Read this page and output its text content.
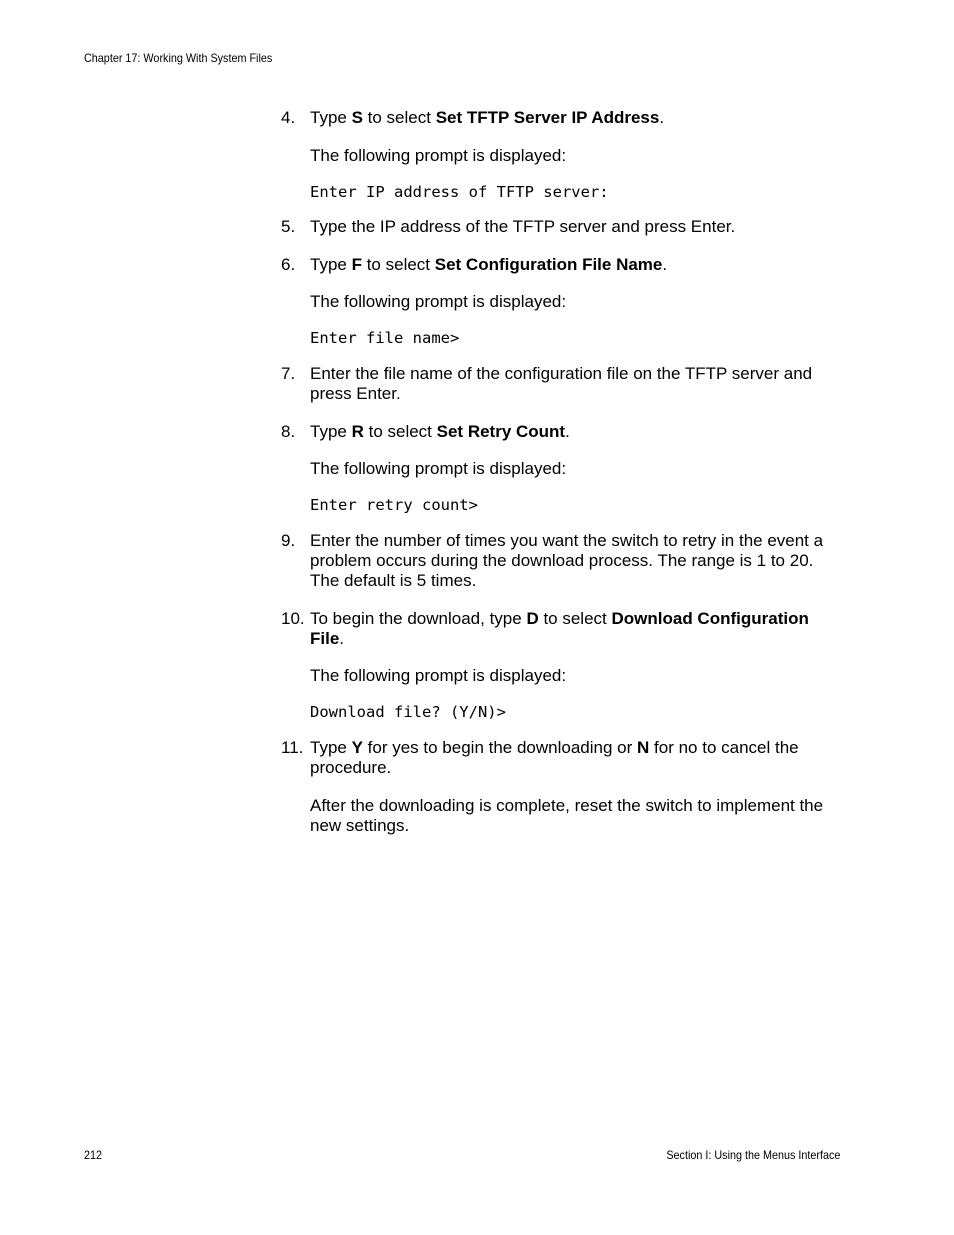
Chapter 17: Working With System Files
4. Type S to select Set TFTP Server IP Address.
The following prompt is displayed:
Enter IP address of TFTP server:
5. Type the IP address of the TFTP server and press Enter.
6. Type F to select Set Configuration File Name.
The following prompt is displayed:
Enter file name>
7. Enter the file name of the configuration file on the TFTP server and
press Enter.
8. Type R to select Set Retry Count.
The following prompt is displayed:
Enter retry count>
9. Enter the number of times you want the switch to retry in the event a
problem occurs during the download process. The range is 1 to 20.
The default is 5 times.
10. To begin the download, type D to select Download Configuration
File.
The following prompt is displayed:
Download file? (Y/N)>
11. Type Y for yes to begin the downloading or N for no to cancel the
procedure.
After the downloading is complete, reset the switch to implement the
new settings.
212	Section I: Using the Menus Interface
